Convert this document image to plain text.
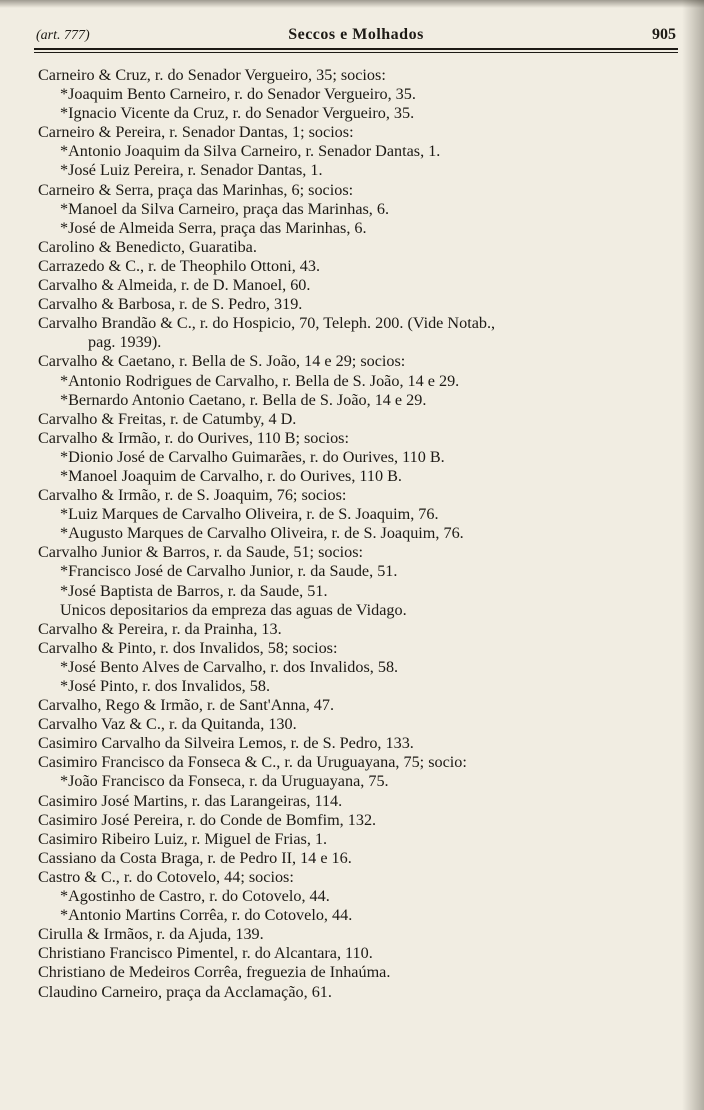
(art. 777)	Seccos e Molhados	905
Carneiro & Cruz, r. do Senador Vergueiro, 35; socios:
*Joaquim Bento Carneiro, r. do Senador Vergueiro, 35.
*Ignacio Vicente da Cruz, r. do Senador Vergueiro, 35.
Carneiro & Pereira, r. Senador Dantas, 1; socios:
*Antonio Joaquim da Silva Carneiro, r. Senador Dantas, 1.
*José Luiz Pereira, r. Senador Dantas, 1.
Carneiro & Serra, praça das Marinhas, 6; socios:
*Manoel da Silva Carneiro, praça das Marinhas, 6.
*José de Almeida Serra, praça das Marinhas, 6.
Carolino & Benedicto, Guaratiba.
Carrazedo & C., r. de Theophilo Ottoni, 43.
Carvalho & Almeida, r. de D. Manoel, 60.
Carvalho & Barbosa, r. de S. Pedro, 319.
Carvalho Brandão & C., r. do Hospicio, 70, Teleph. 200. (Vide Notab.,
pag. 1939).
Carvalho & Caetano, r. Bella de S. João, 14 e 29; socios:
*Antonio Rodrigues de Carvalho, r. Bella de S. João, 14 e 29.
*Bernardo Antonio Caetano, r. Bella de S. João, 14 e 29.
Carvalho & Freitas, r. de Catumby, 4 D.
Carvalho & Irmão, r. do Ourives, 110 B; socios:
*Dionio José de Carvalho Guimarães, r. do Ourives, 110 B.
*Manoel Joaquim de Carvalho, r. do Ourives, 110 B.
Carvalho & Irmão, r. de S. Joaquim, 76; socios:
*Luiz Marques de Carvalho Oliveira, r. de S. Joaquim, 76.
*Augusto Marques de Carvalho Oliveira, r. de S. Joaquim, 76.
Carvalho Junior & Barros, r. da Saude, 51; socios:
*Francisco José de Carvalho Junior, r. da Saude, 51.
*José Baptista de Barros, r. da Saude, 51.
Unicos depositarios da empreza das aguas de Vidago.
Carvalho & Pereira, r. da Prainha, 13.
Carvalho & Pinto, r. dos Invalidos, 58; socios:
*José Bento Alves de Carvalho, r. dos Invalidos, 58.
*José Pinto, r. dos Invalidos, 58.
Carvalho, Rego & Irmão, r. de Sant'Anna, 47.
Carvalho Vaz & C., r. da Quitanda, 130.
Casimiro Carvalho da Silveira Lemos, r. de S. Pedro, 133.
Casimiro Francisco da Fonseca & C., r. da Uruguayana, 75; socio:
*João Francisco da Fonseca, r. da Uruguayana, 75.
Casimiro José Martins, r. das Larangeiras, 114.
Casimiro José Pereira, r. do Conde de Bomfim, 132.
Casimiro Ribeiro Luiz, r. Miguel de Frias, 1.
Cassiano da Costa Braga, r. de Pedro II, 14 e 16.
Castro & C., r. do Cotovelo, 44; socios:
*Agostinho de Castro, r. do Cotovelo, 44.
*Antonio Martins Corrêa, r. do Cotovelo, 44.
Cirulla & Irmãos, r. da Ajuda, 139.
Christiano Francisco Pimentel, r. do Alcantara, 110.
Christiano de Medeiros Corrêa, freguezia de Inhaúma.
Claudino Carneiro, praça da Acclamação, 61.
